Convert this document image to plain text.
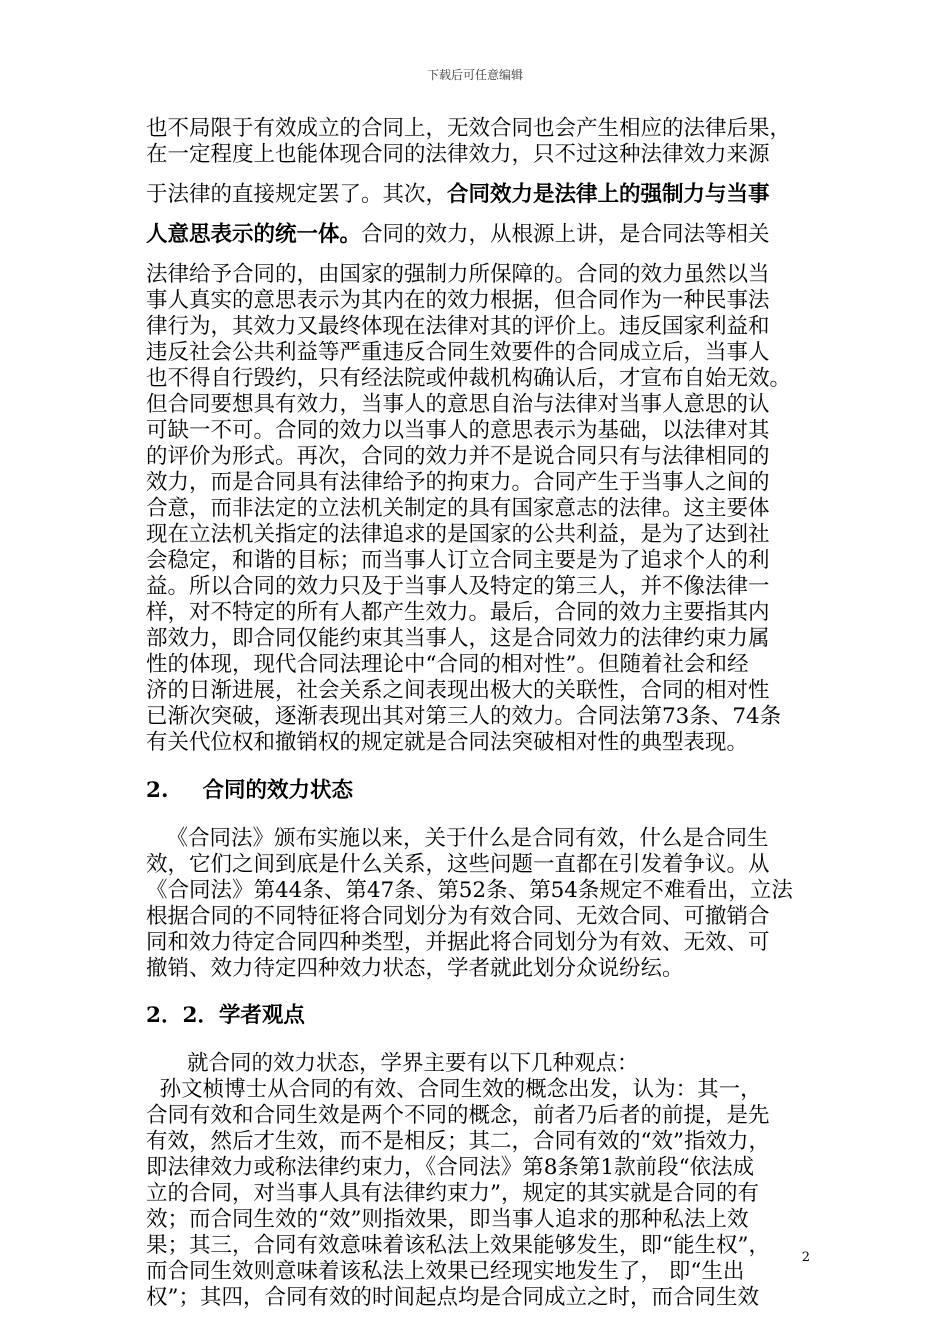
下载后可任意编辑

也不局限于有效成立的合同上，无效合同也会产生相应的法律后果，

在一定程度上也能体现合同的法律效力，只不过这种法律效力来源

于法律的直接规定罢了。其次，合同效力是法律上的强制力与当事

人意思表示的统一体。合同的效力，从根源上讲，是合同法等相关

法律给予合同的，由国家的强制力所保障的。合同的效力虽然以当

事人真实的意思表示为其内在的效力根据，但合同作为一种民事法

律行为，其效力又最终体现在法律对其的评价上。违反国家利益和

违反社会公共利益等严重违反合同生效要件的合同成立后，当事人

也不得自行毁约，只有经法院或仲裁机构确认后，才宣布自始无效。

但合同要想具有效力，当事人的意思自治与法律对当事人意思的认

可缺一不可。合同的效力以当事人的意思表示为基础，以法律对其

的评价为形式。再次，合同的效力并不是说合同只有与法律相同的

效力，而是合同具有法律给予的拘束力。合同产生于当事人之间的

合意，而非法定的立法机关制定的具有国家意志的法律。这主要体

现在立法机关指定的法律追求的是国家的公共利益，是为了达到社

会稳定，和谐的目标；而当事人订立合同主要是为了追求个人的利

益。所以合同的效力只及于当事人及特定的第三人，并不像法律一

样，对不特定的所有人都产生效力。最后，合同的效力主要指其内

部效力，即合同仅能约束其当事人，这是合同效力的法律约束力属

性的体现，现代合同法理论中“合同的相对性”。但随着社会和经

济的日渐进展，社会关系之间表现出极大的关联性，合同的相对性

已渐次突破，逐渐表现出其对第三人的效力。合同法第73条、74条

有关代位权和撤销权的规定就是合同法突破相对性的典型表现。

2. 合同的效力状态

《合同法》颁布实施以来，关于什么是合同有效，什么是合同生

效，它们之间到底是什么关系，这些问题一直都在引发着争议。从

《合同法》第44条、第47条、第52条、第54条规定不难看出，立法

根据合同的不同特征将合同划分为有效合同、无效合同、可撤销合

同和效力待定合同四种类型，并据此将合同划分为有效、无效、可

撤销、效力待定四种效力状态，学者就此划分众说纷纭。

2．2．学者观点

就合同的效力状态，学界主要有以下几种观点：

孙文桢博士从合同的有效、合同生效的概念出发，认为：其一，

合同有效和合同生效是两个不同的概念，前者乃后者的前提，是先

有效，然后才生效，而不是相反；其二，合同有效的“效”指效力，

即法律效力或称法律约束力，《合同法》第8条第1款前段“依法成

立的合同，对当事人具有法律约束力”，规定的其实就是合同的有

效；而合同生效的“效”则指效果，即当事人追求的那种私法上效

果；其三，合同有效意味着该私法上效果能够发生，即“能生权”，

而合同生效则意味着该私法上效果已经现实地发生了， 即“生出

权”；其四，合同有效的时间起点均是合同成立之时，而合同生效

2
